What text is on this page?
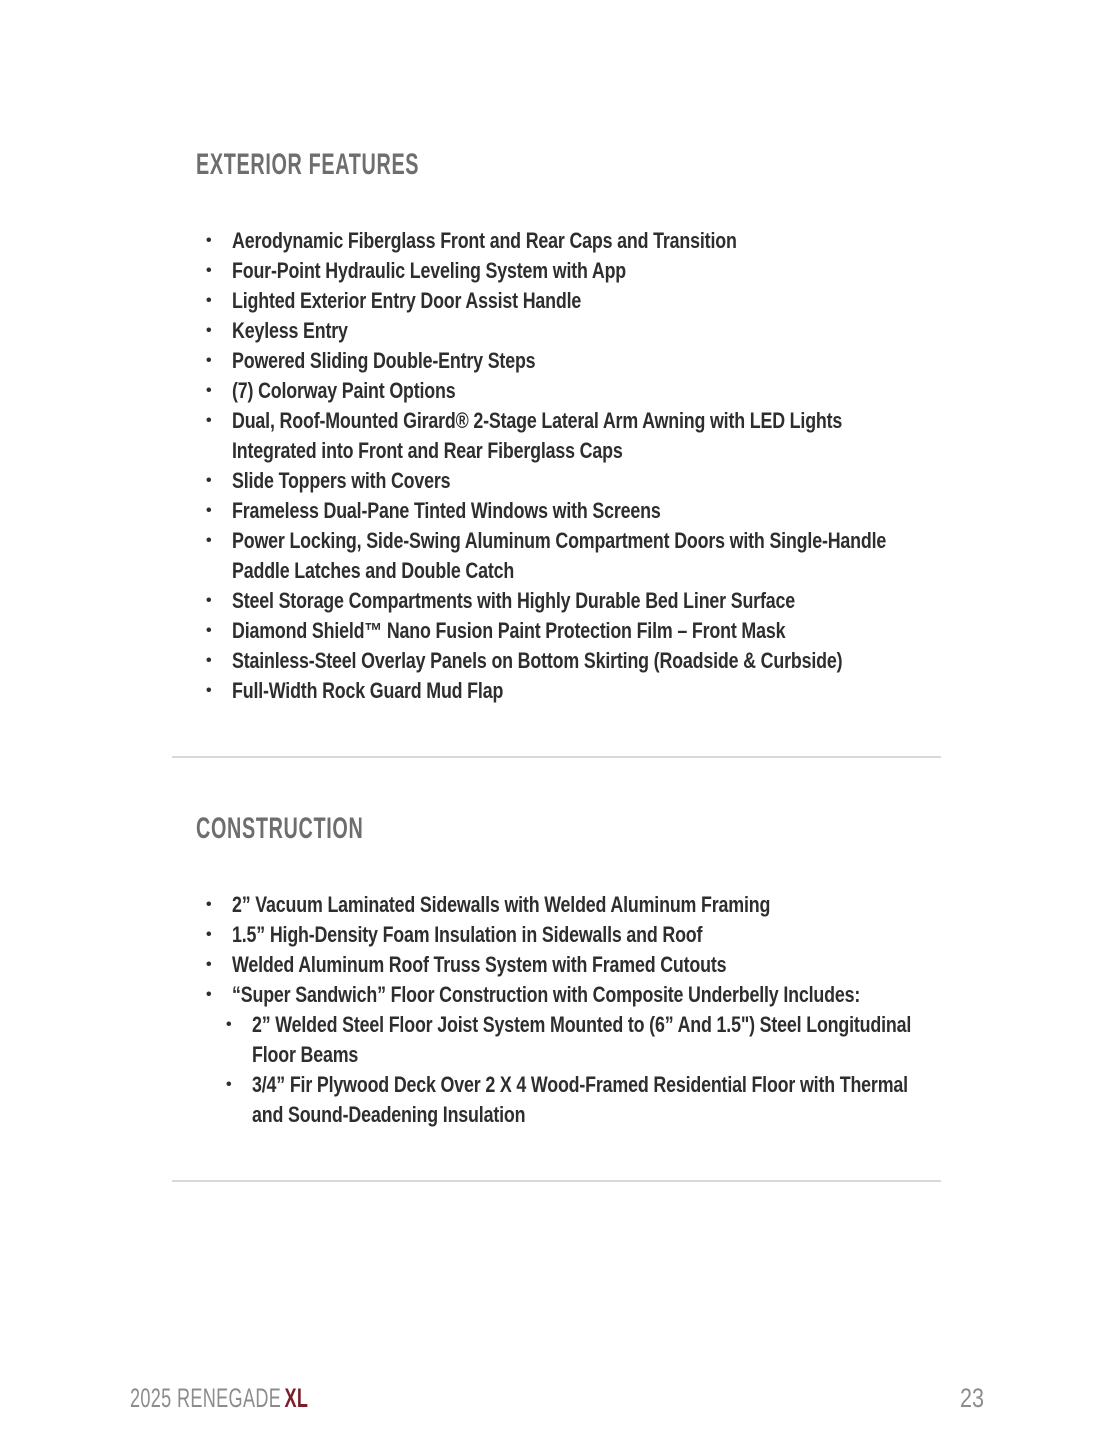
EXTERIOR FEATURES
• Aerodynamic Fiberglass Front and Rear Caps and Transition
• Four-Point Hydraulic Leveling System with App
• Lighted Exterior Entry Door Assist Handle
• Keyless Entry
• Powered Sliding Double-Entry Steps
• (7) Colorway Paint Options
• Dual, Roof-Mounted Girard® 2-Stage Lateral Arm Awning with LED Lights Integrated into Front and Rear Fiberglass Caps
• Slide Toppers with Covers
• Frameless Dual-Pane Tinted Windows with Screens
• Power Locking, Side-Swing Aluminum Compartment Doors with Single-Handle Paddle Latches and Double Catch
• Steel Storage Compartments with Highly Durable Bed Liner Surface
• Diamond Shield™ Nano Fusion Paint Protection Film – Front Mask
• Stainless-Steel Overlay Panels on Bottom Skirting (Roadside & Curbside)
• Full-Width Rock Guard Mud Flap
CONSTRUCTION
• 2” Vacuum Laminated Sidewalls with Welded Aluminum Framing
• 1.5” High-Density Foam Insulation in Sidewalls and Roof
• Welded Aluminum Roof Truss System with Framed Cutouts
• “Super Sandwich” Floor Construction with Composite Underbelly Includes:
• 2” Welded Steel Floor Joist System Mounted to (6” And 1.5") Steel Longitudinal Floor Beams
• 3/4” Fir Plywood Deck Over 2 X 4 Wood-Framed Residential Floor with Thermal and Sound-Deadening Insulation
2025 RENEGADE XL	23
